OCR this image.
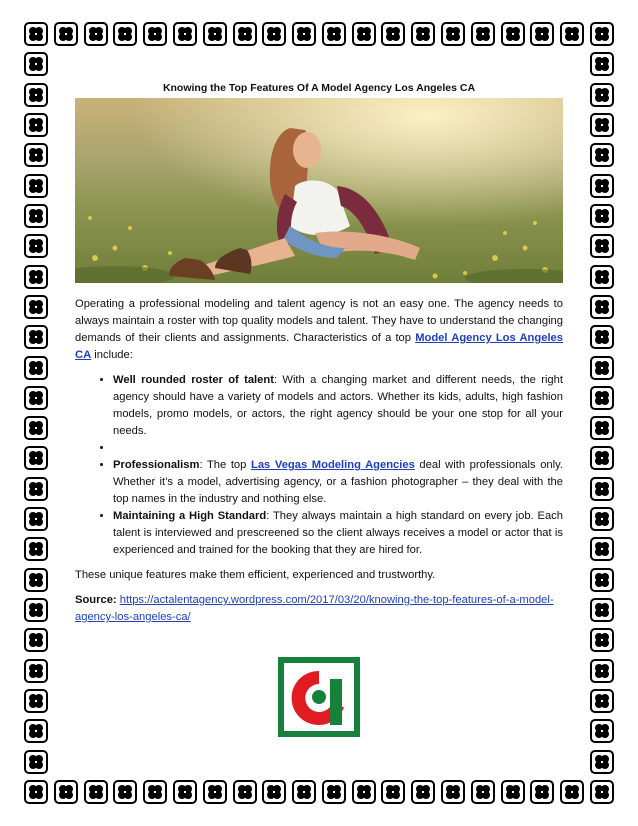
Knowing the Top Features Of A Model Agency Los Angeles CA

Operating a professional modeling and talent agency is not an easy one. The agency needs to always maintain a roster with top quality models and talent. They have to understand the changing demands of their clients and assignments. Characteristics of a top Model Agency Los Angeles CA include:

• Well rounded roster of talent: With a changing market and different needs, the right agency should have a variety of models and actors. Whether its kids, adults, high fashion models, promo models, or actors, the right agency should be your one stop for all your needs.
•
• Professionalism: The top Las Vegas Modeling Agencies deal with professionals only. Whether it’s a model, advertising agency, or a fashion photographer – they deal with the top names in the industry and nothing else.
• Maintaining a High Standard: They always maintain a high standard on every job. Each talent is interviewed and prescreened so the client always receives a model or actor that is experienced and trained for the booking that they are hired for.

These unique features make them efficient, experienced and trustworthy.

Source: https://actalentagency.wordpress.com/2017/03/20/knowing-the-top-features-of-a-model-agency-los-angeles-ca/
